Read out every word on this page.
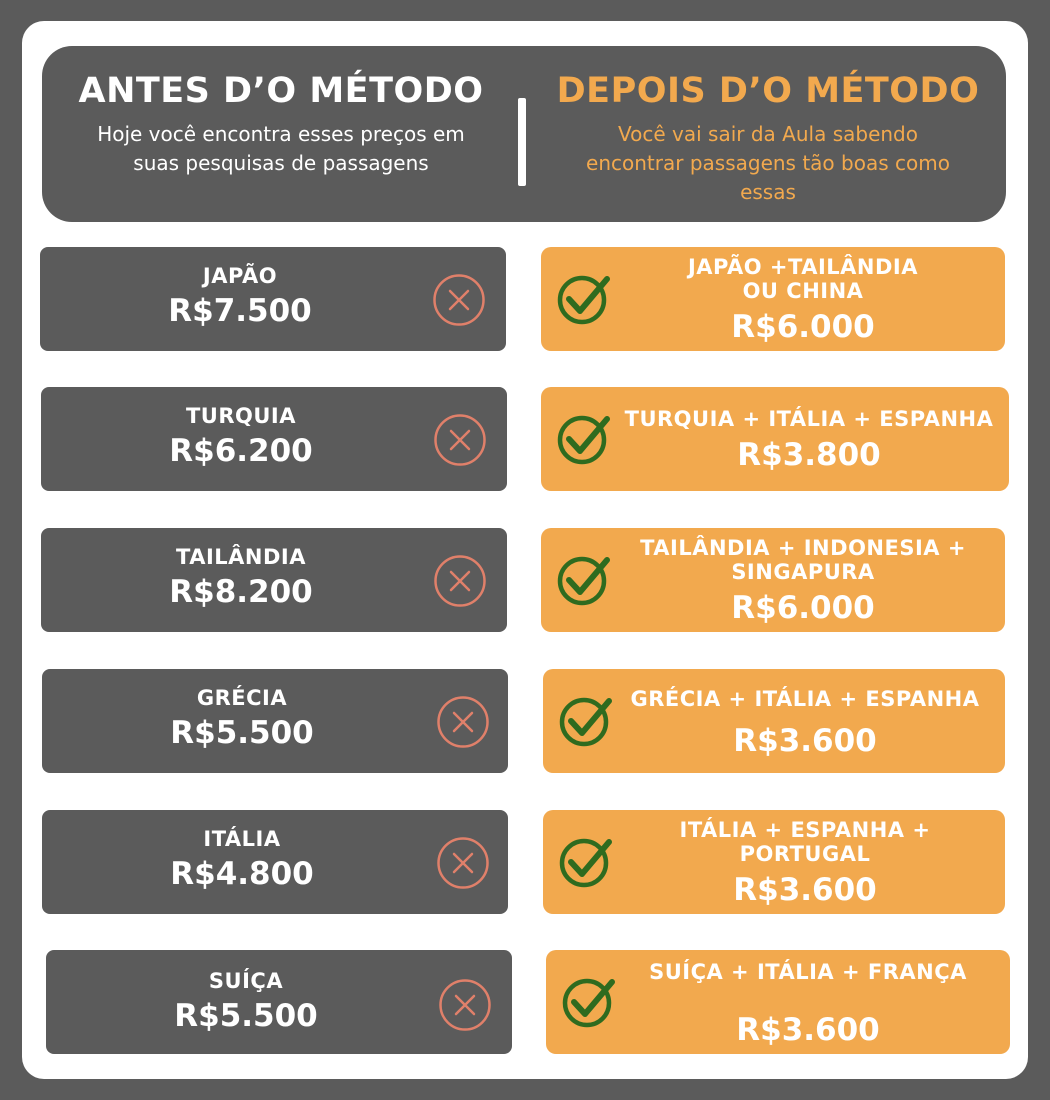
ANTES D’O MÉTODO
Hoje você encontra esses preços em suas pesquisas de passagens
DEPOIS D’O MÉTODO
Você vai sair da Aula sabendo encontrar passagens tão boas como essas
JAPÃO
R$7.500
JAPÃO +TAILÂNDIA
OU CHINA
R$6.000
TURQUIA
R$6.200
TURQUIA + ITÁLIA + ESPANHA
R$3.800
TAILÂNDIA
R$8.200
TAILÂNDIA + INDONESIA +
SINGAPURA
R$6.000
GRÉCIA
R$5.500
GRÉCIA + ITÁLIA + ESPANHA
R$3.600
ITÁLIA
R$4.800
ITÁLIA + ESPANHA +
PORTUGAL
R$3.600
SUÍÇA
R$5.500
SUÍÇA + ITÁLIA + FRANÇA
R$3.600
